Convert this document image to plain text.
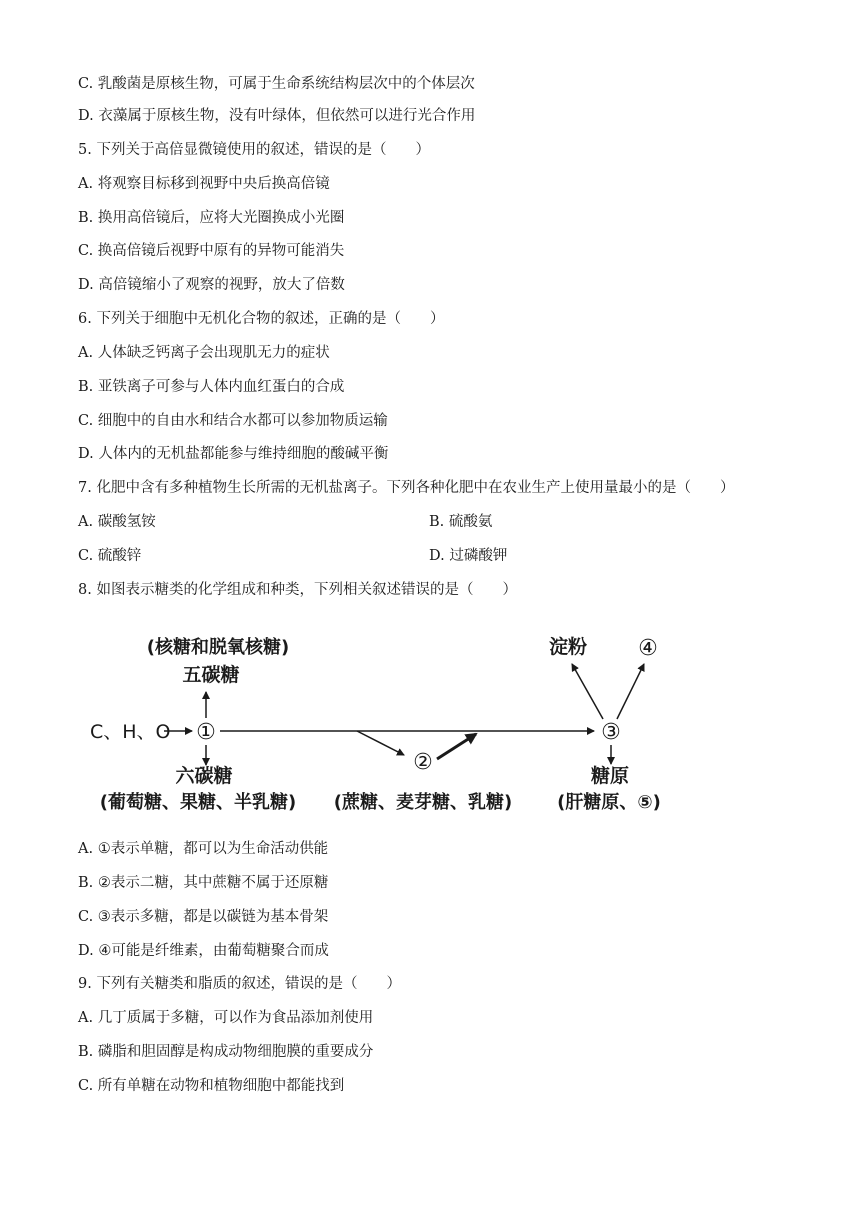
C. 乳酸菌是原核生物，可属于生命系统结构层次中的个体层次
D. 衣藻属于原核生物，没有叶绿体，但依然可以进行光合作用
5. 下列关于高倍显微镜使用的叙述，错误的是（　　）
A. 将观察目标移到视野中央后换高倍镜
B. 换用高倍镜后，应将大光圈换成小光圈
C. 换高倍镜后视野中原有的异物可能消失
D. 高倍镜缩小了观察的视野，放大了倍数
6. 下列关于细胞中无机化合物的叙述，正确的是（　　）
A. 人体缺乏钙离子会出现肌无力的症状
B. 亚铁离子可参与人体内血红蛋白的合成
C. 细胞中的自由水和结合水都可以参加物质运输
D. 人体内的无机盐都能参与维持细胞的酸碱平衡
7. 化肥中含有多种植物生长所需的无机盐离子。下列各种化肥中在农业生产上使用量最小的是（　　）
A. 碳酸氢铵	B. 硫酸氨
C. 硫酸锌	D. 过磷酸钾
8. 如图表示糖类的化学组成和种类，下列相关叙述错误的是（　　）
(核糖和脱氧核糖)
五碳糖
C、H、O ①
②
六碳糖
(葡萄糖、果糖、半乳糖) (蔗糖、麦芽糖、乳糖)
③
淀粉 ④
糖原
(肝糖原、⑤)
A. ①表示单糖，都可以为生命活动供能
B. ②表示二糖，其中蔗糖不属于还原糖
C. ③表示多糖，都是以碳链为基本骨架
D. ④可能是纤维素，由葡萄糖聚合而成
9. 下列有关糖类和脂质的叙述，错误的是（　　）
A. 几丁质属于多糖，可以作为食品添加剂使用
B. 磷脂和胆固醇是构成动物细胞膜的重要成分
C. 所有单糖在动物和植物细胞中都能找到
